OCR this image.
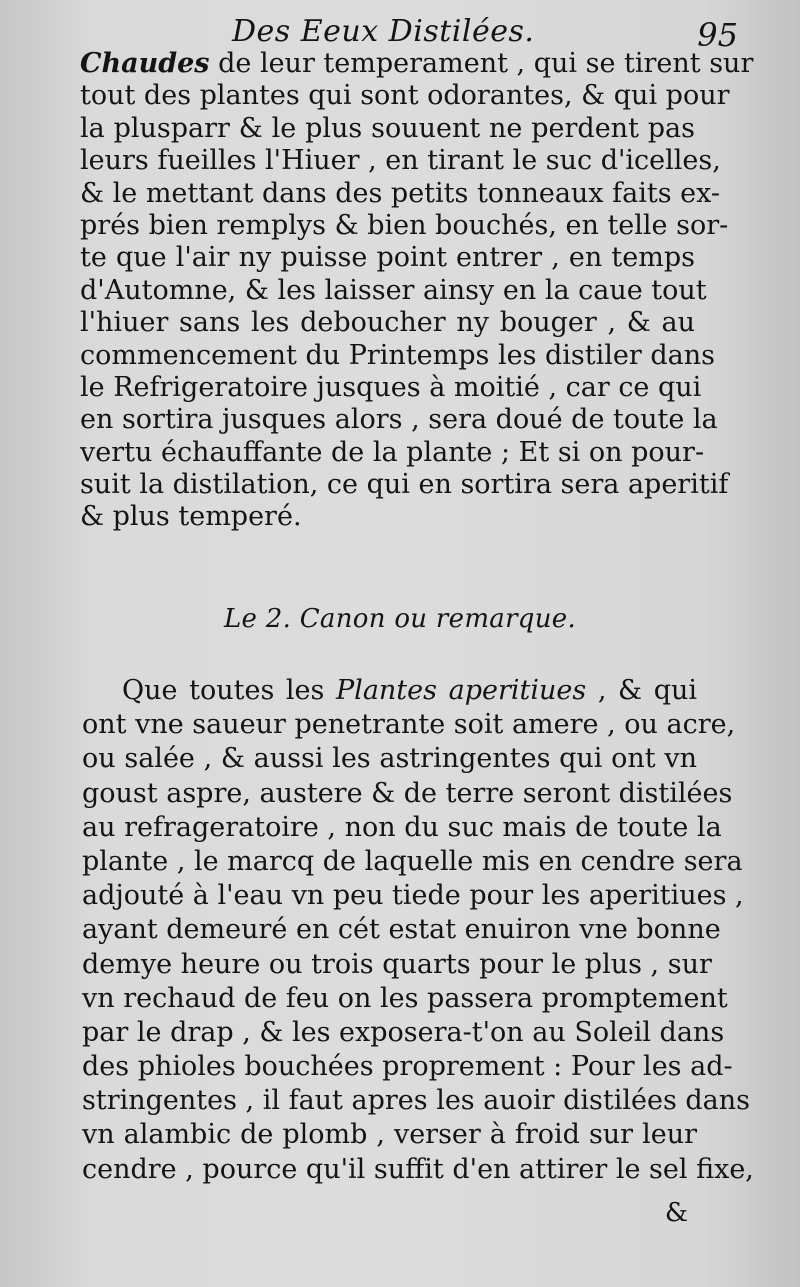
Des Eeux Distilées.	95
Chaudes de leur temperament , qui se tirent sur
tout des plantes qui sont odorantes, & qui pour
la plusparr & le plus souuent ne perdent pas
leurs fueilles l'Hiuer , en tirant le suc d'icelles,
& le mettant dans des petits tonneaux faits ex-
prés bien remplys & bien bouchés, en telle sor-
te que l'air ny puisse point entrer , en temps
d'Automne, & les laisser ainsy en la caue tout
l'hiuer sans les deboucher ny bouger , & au
commencement du Printemps les distiler dans
le Refrigeratoire jusques à moitié , car ce qui
en sortira jusques alors , sera doué de toute la
vertu échauffante de la plante ; Et si on pour-
suit la distilation, ce qui en sortira sera aperitif
& plus temperé.
Le 2. Canon ou remarque.
Que toutes les Plantes aperitiues , & qui
ont vne saueur penetrante soit amere , ou acre,
ou salée , & aussi les astringentes qui ont vn
goust aspre, austere & de terre seront distilées
au refrageratoire , non du suc mais de toute la
plante , le marcq de laquelle mis en cendre sera
adjouté à l'eau vn peu tiede pour les aperitiues ,
ayant demeuré en cét estat enuiron vne bonne
demye heure ou trois quarts pour le plus , sur
vn rechaud de feu on les passera promptement
par le drap , & les exposera-t'on au Soleil dans
des phioles bouchées proprement : Pour les ad-
stringentes , il faut apres les auoir distilées dans
vn alambic de plomb , verser à froid sur leur
cendre , pource qu'il suffit d'en attirer le sel fixe,
&
